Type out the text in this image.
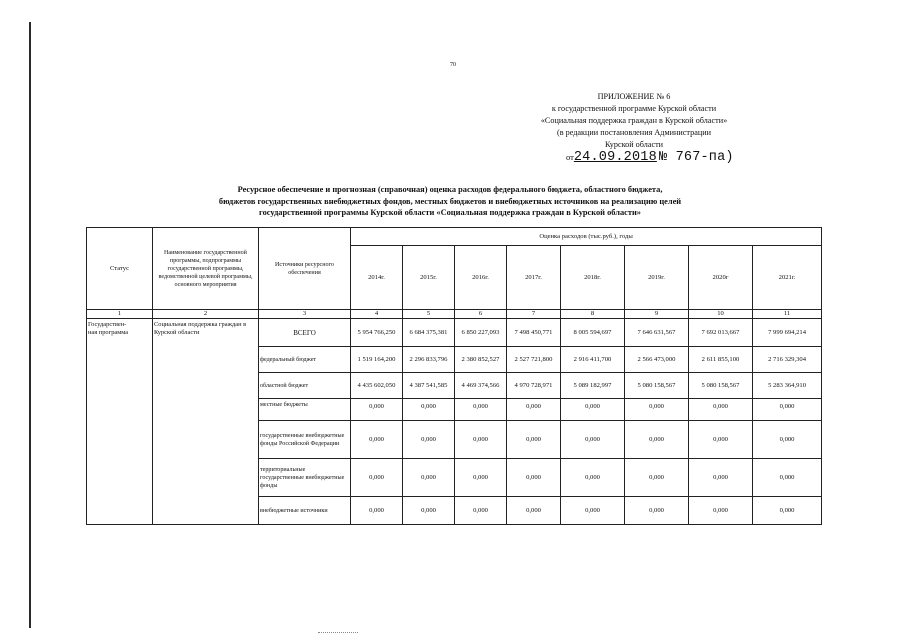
70
ПРИЛОЖЕНИЕ № 6
к государственной программе Курской области
«Социальная поддержка граждан в Курской области»
(в редакции постановления Администрации
Курской области
от24.09.2018 № 767-па)
Ресурсное обеспечение и прогнозная (справочная) оценка расходов федерального бюджета, областного бюджета,
бюджетов государственных внебюджетных фондов, местных бюджетов и внебюджетных источников на реализацию целей
государственной программы Курской области «Социальная поддержка граждан в Курской области»
Статус	Наименование государственной программы, подпрограммы государственной программы, ведомственной целевой программы, основного мероприятия	Источники ресурсного обеспечения	Оценка расходов (тыс.руб.), годы							
			2014г.	2015г.	2016г.	2017г.	2018г.	2019г.	2020г	2021г.
1	2	3	4	5	6	7	8	9	10	11
Государствен-
ная программа	Социальная поддержка граждан в Курской области	ВСЕГО	5 954 766,250	6 684 375,381	6 850 227,093	7 498 450,771	8 005 594,697	7 646 631,567	7 692 013,667	7 999 694,214
		федеральный бюджет	1 519 164,200	2 296 833,796	2 380 852,527	2 527 721,800	2 916 411,700	2 566 473,000	2 611 855,100	2 716 329,304
		областной бюджет	4 435 602,050	4 387 541,585	4 469 374,566	4 970 728,971	5 089 182,997	5 080 158,567	5 080 158,567	5 283 364,910
		местные бюджеты	0,000	0,000	0,000	0,000	0,000	0,000	0,000	0,000
		государственные внебюджетные фонды Российской Федерации	0,000	0,000	0,000	0,000	0,000	0,000	0,000	0,000
		территориальные государственные внебюджетные фонды	0,000	0,000	0,000	0,000	0,000	0,000	0,000	0,000
		внебюджетные источники	0,000	0,000	0,000	0,000	0,000	0,000	0,000	0,000
